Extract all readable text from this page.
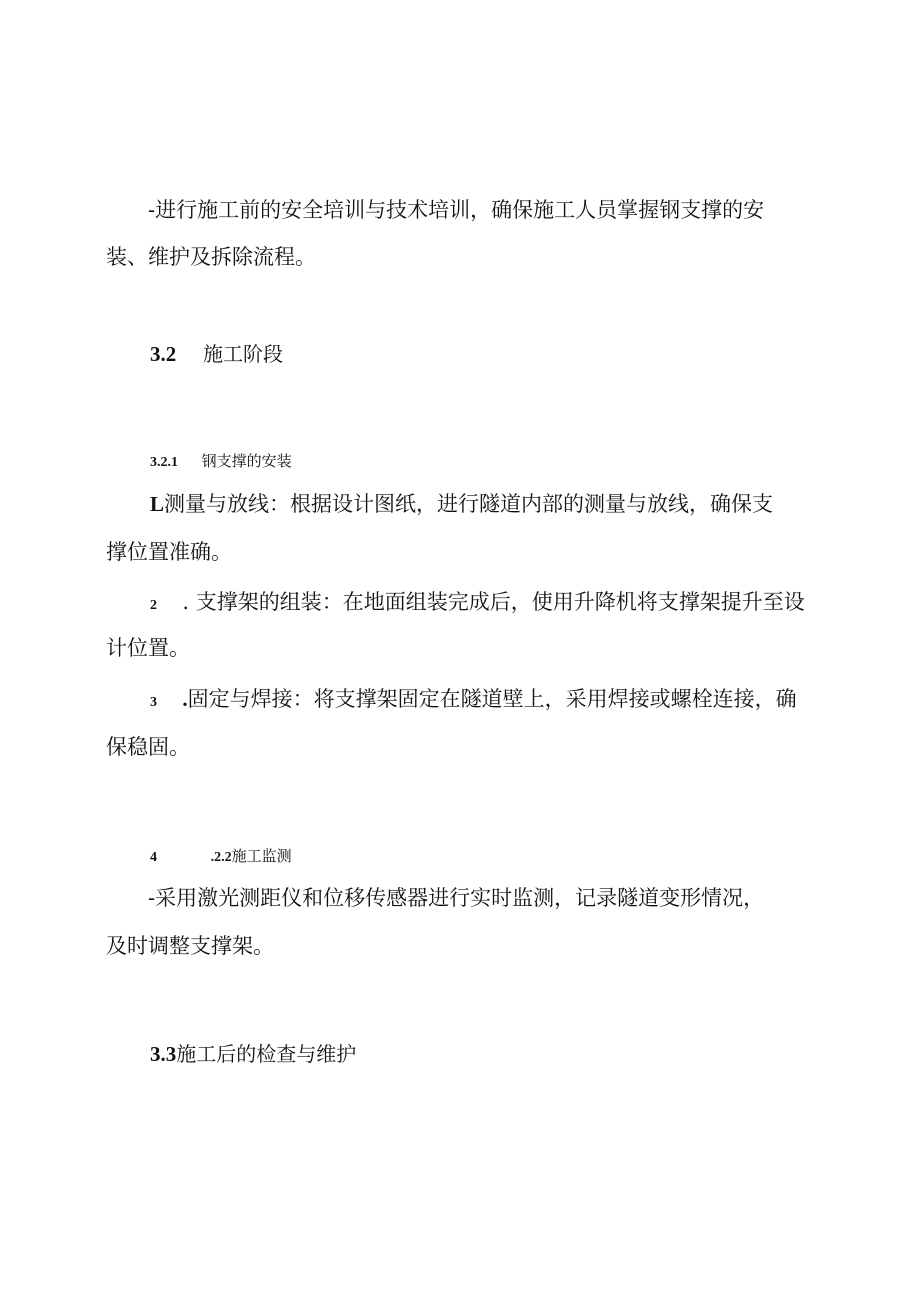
-进行施工前的安全培训与技术培训，确保施工人员掌握钢支撑的安
装、维护及拆除流程。
3.2 施工阶段
3.2.1 钢支撑的安装
L测量与放线：根据设计图纸，进行隧道内部的测量与放线，确保支
撑位置准确。
2 . 支撑架的组装：在地面组装完成后，使用升降机将支撑架提升至设
计位置。
3 .固定与焊接：将支撑架固定在隧道壁上，采用焊接或螺栓连接，确
保稳固。
4	.2.2施工监测
-采用激光测距仪和位移传感器进行实时监测，记录隧道变形情况，
及时调整支撑架。
3.3施工后的检查与维护
